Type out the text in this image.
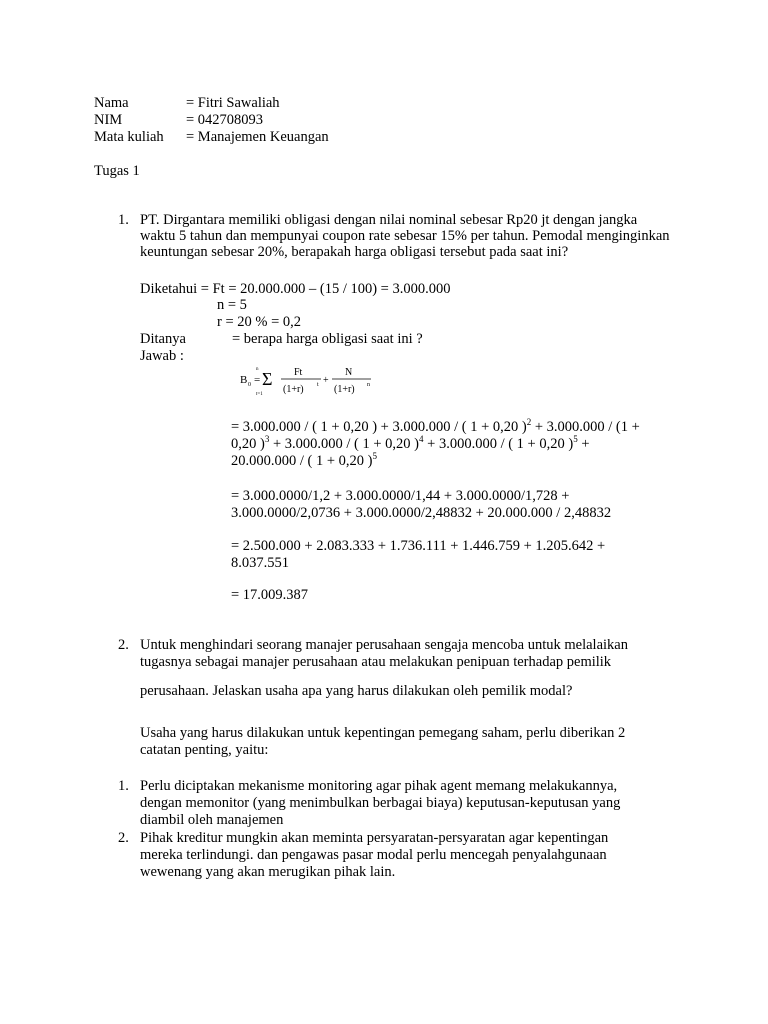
Nama	= Fitri Sawaliah
NIM	= 042708093
Mata kuliah = Manajemen Keuangan
Tugas 1
1. PT. Dirgantara memiliki obligasi dengan nilai nominal sebesar Rp20 jt dengan jangka waktu 5 tahun dan mempunyai coupon rate sebesar 15% per tahun. Pemodal menginginkan keuntungan sebesar 20%, berapakah harga obligasi tersebut pada saat ini?
Diketahui = Ft = 20.000.000 – (15 / 100) = 3.000.000
n = 5
r = 20 % = 0,2
Ditanya	= berapa harga obligasi saat ini ?
Jawab :
B 0 =
n Σ
t=1
Ft
(1+r) t +
N
(1+r) n
= 3.000.000 / ( 1 + 0,20 ) + 3.000.000 / ( 1 + 0,20 )$^2$ + 3.000.000 / (1 +
0,20 )$^3$ + 3.000.000 / ( 1 + 0,20 )$^4$ + 3.000.000 / ( 1 + 0,20 )$^5$ +
20.000.000 / ( 1 + 0,20 )$^5$
= 3.000.0000/1,2 + 3.000.0000/1,44 + 3.000.0000/1,728 +
3.000.0000/2,0736 + 3.000.0000/2,48832 + 20.000.000 / 2,48832
= 2.500.000 + 2.083.333 + 1.736.111 + 1.446.759 + 1.205.642 +
8.037.551
= 17.009.387
2. Untuk menghindari seorang manajer perusahaan sengaja mencoba untuk melalaikan
tugasnya sebagai manajer perusahaan atau melakukan penipuan terhadap pemilik
perusahaan. Jelaskan usaha apa yang harus dilakukan oleh pemilik modal?
Usaha yang harus dilakukan untuk kepentingan pemegang saham, perlu diberikan 2
catatan penting, yaitu:
1. Perlu diciptakan mekanisme monitoring agar pihak agent memang melakukannya,
dengan memonitor (yang menimbulkan berbagai biaya) keputusan-keputusan yang
diambil oleh manajemen
2. Pihak kreditur mungkin akan meminta persyaratan-persyaratan agar kepentingan
mereka terlindungi. dan pengawas pasar modal perlu mencegah penyalahgunaan
wewenang yang akan merugikan pihak lain.
